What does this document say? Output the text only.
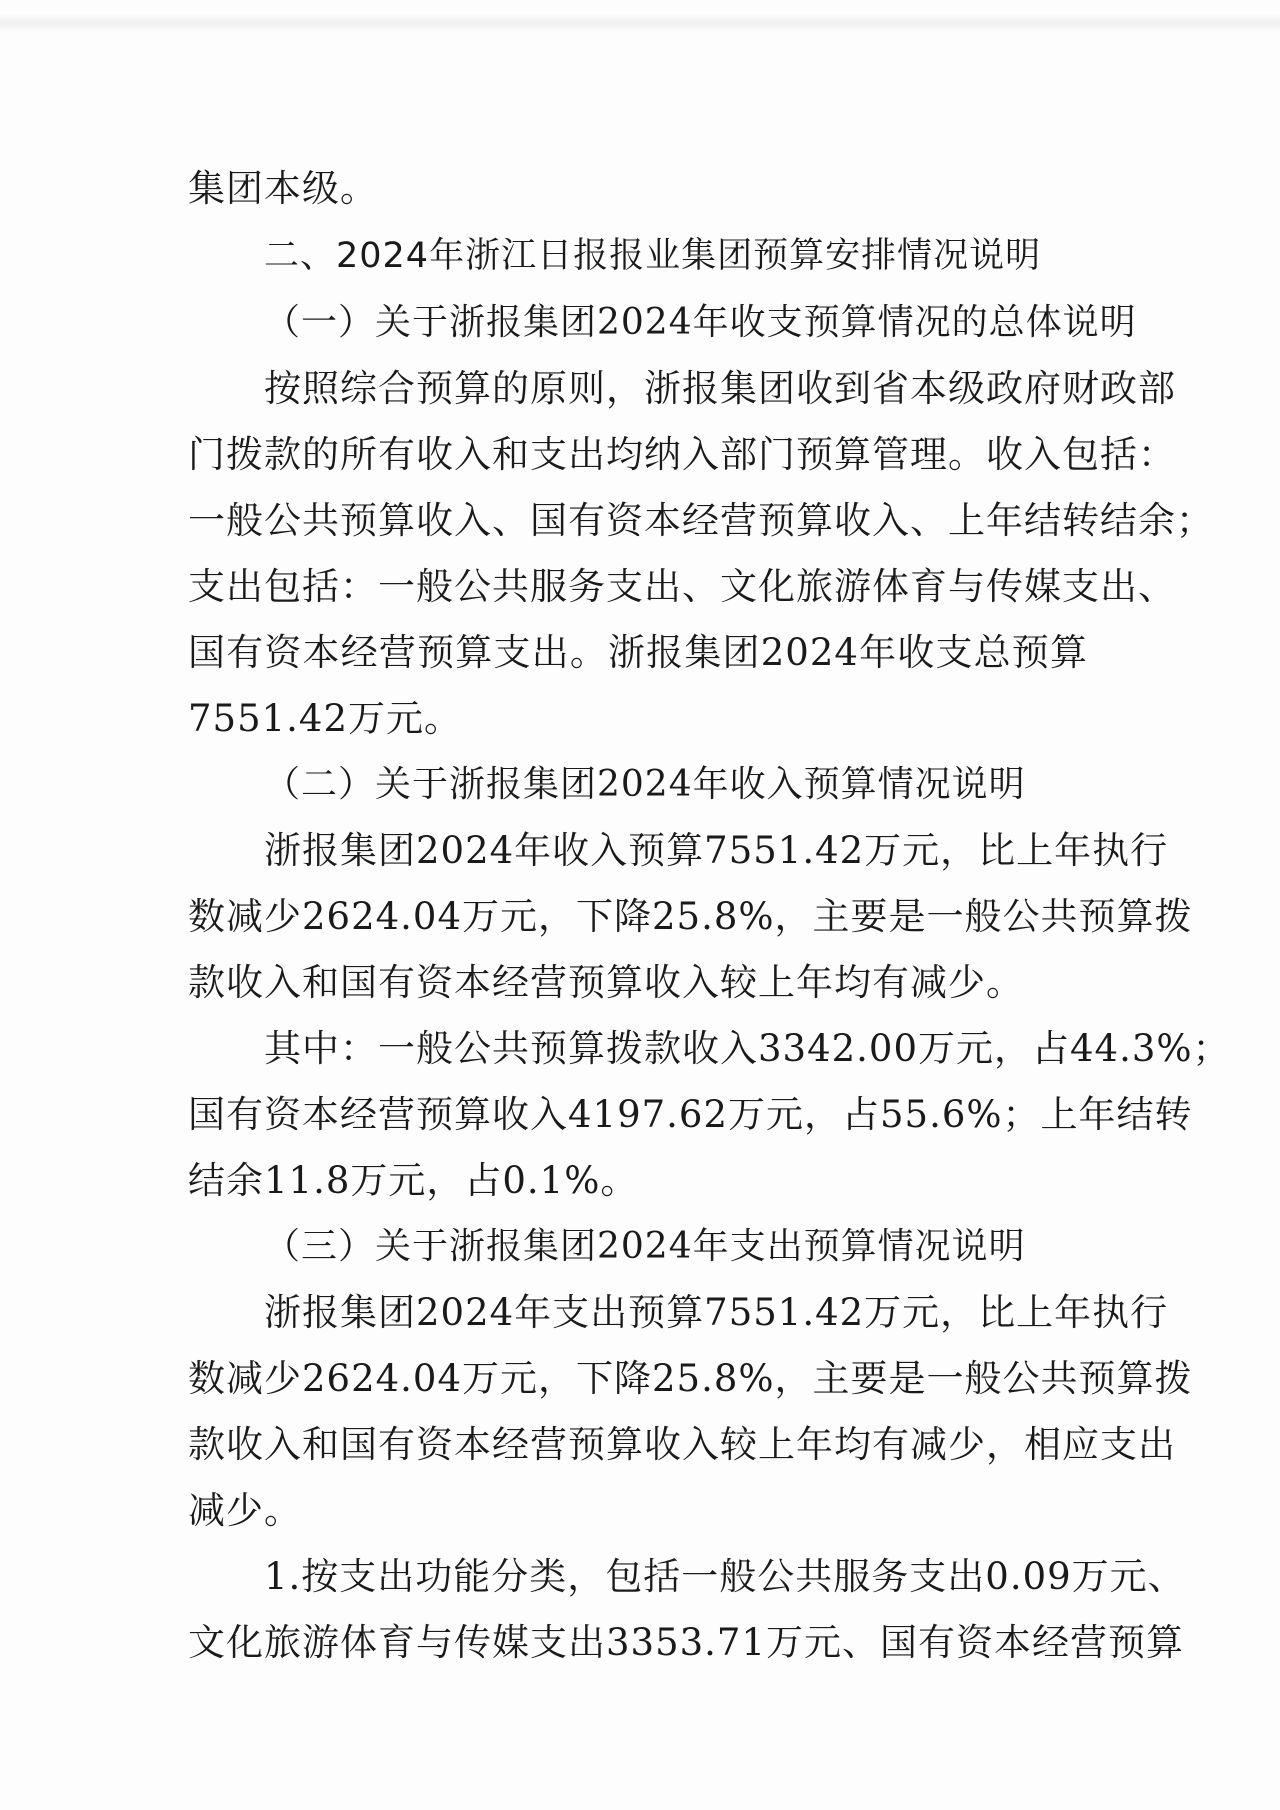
集团本级。
二、2024年浙江日报报业集团预算安排情况说明
（一）关于浙报集团2024年收支预算情况的总体说明
按照综合预算的原则，浙报集团收到省本级政府财政部
门拨款的所有收入和支出均纳入部门预算管理。收入包括：
一般公共预算收入、国有资本经营预算收入、上年结转结余；
支出包括：一般公共服务支出、文化旅游体育与传媒支出、
国有资本经营预算支出。浙报集团2024年收支总预算
7551.42万元。
（二）关于浙报集团2024年收入预算情况说明
浙报集团2024年收入预算7551.42万元，比上年执行
数减少2624.04万元，下降25.8%，主要是一般公共预算拨
款收入和国有资本经营预算收入较上年均有减少。
其中：一般公共预算拨款收入3342.00万元，占44.3%；
国有资本经营预算收入4197.62万元，占55.6%；上年结转
结余11.8万元，占0.1%。
（三）关于浙报集团2024年支出预算情况说明
浙报集团2024年支出预算7551.42万元，比上年执行
数减少2624.04万元，下降25.8%，主要是一般公共预算拨
款收入和国有资本经营预算收入较上年均有减少，相应支出
减少。
1.按支出功能分类，包括一般公共服务支出0.09万元、
文化旅游体育与传媒支出3353.71万元、国有资本经营预算
